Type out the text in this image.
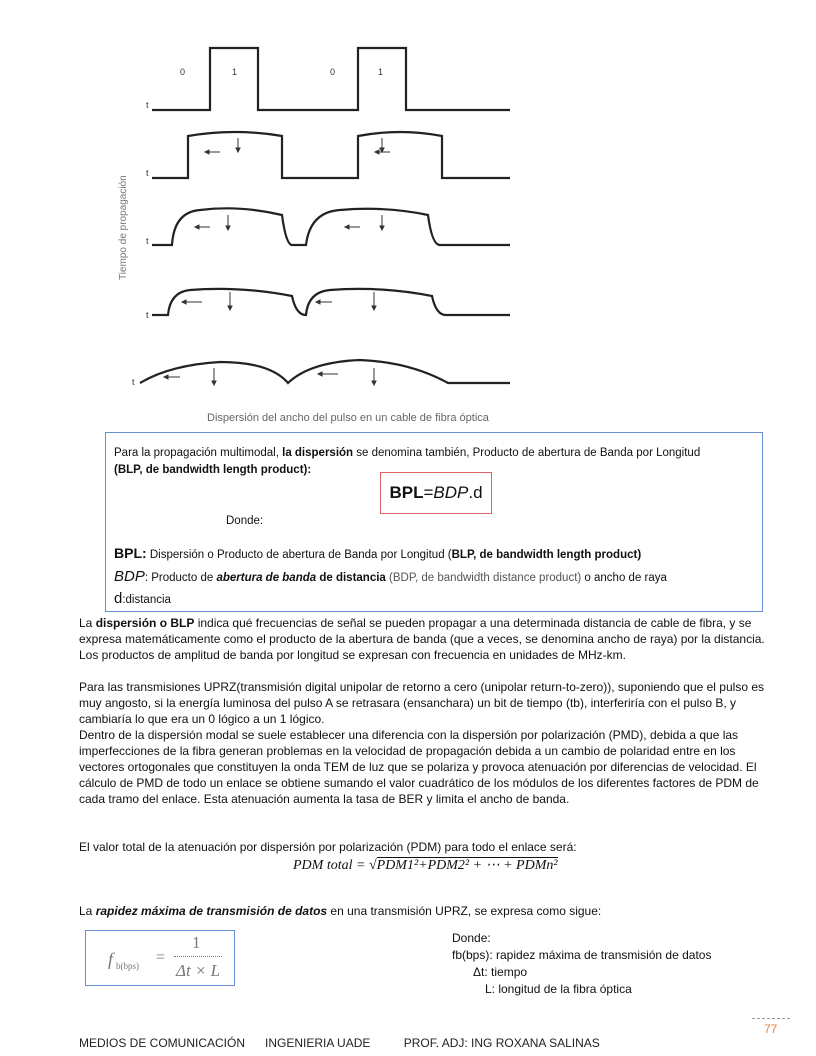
0	1	0	1
t
t
t
t
t
Tiempo de propagación
Dispersión del ancho del pulso en un cable de fibra óptica
Para la propagación multimodal, la dispersión se denomina también, Producto de abertura de Banda por Longitud
(BLP, de bandwidth length product):
Donde:
BPL: Dispersión o Producto de abertura de Banda por Longitud (BLP, de bandwidth length product)
BDP: Producto de abertura de banda de distancia (BDP, de bandwidth distance product) o ancho de raya
d:distancia
BPL = BDP .d
La dispersión o BLP indica qué frecuencias de señal se pueden propagar a una determinada distancia de cable de fibra, y se expresa matemáticamente como el producto de la abertura de banda (que a veces, se denomina ancho de raya) por la distancia. Los productos de amplitud de banda por longitud se expresan con frecuencia en unidades de MHz-km.
Para las transmisiones UPRZ(transmisión digital unipolar de retorno a cero (unipolar return-to-zero)), suponiendo que el pulso es muy angosto, si la energía luminosa del pulso A se retrasara (ensanchara) un bit de tiempo (tb), interferiría con el pulso B, y cambiaría lo que era un 0 lógico a un 1 lógico.
Dentro de la dispersión modal se suele establecer una diferencia con la dispersión por polarización (PMD), debida a que las imperfecciones de la fibra generan problemas en la velocidad de propagación debida a un cambio de polaridad entre en los vectores ortogonales que constituyen la onda TEM de luz que se polariza y provoca atenuación por diferencias de velocidad. El cálculo de PMD de todo un enlace se obtiene sumando el valor cuadrático de los módulos de los diferentes factores de PDM de cada tramo del enlace. Esta atenuación aumenta la tasa de BER y limita el ancho de banda.
El valor total de la atenuación por dispersión por polarización (PDM) para todo el enlace será:
PDM total = √PDM1²+PDM2² + ⋯ + PDMn²
La rapidez máxima de transmisión de datos en una transmisión UPRZ, se expresa como sigue:
f b(bps) =
1
Δt × L
Donde:
fb(bps): rapidez máxima de transmisión de datos
Δt: tiempo
L: longitud de la fibra óptica
77
MEDIOS DE COMUNICACIÓN      INGENIERIA UADE          PROF. ADJ: ING ROXANA SALINAS
